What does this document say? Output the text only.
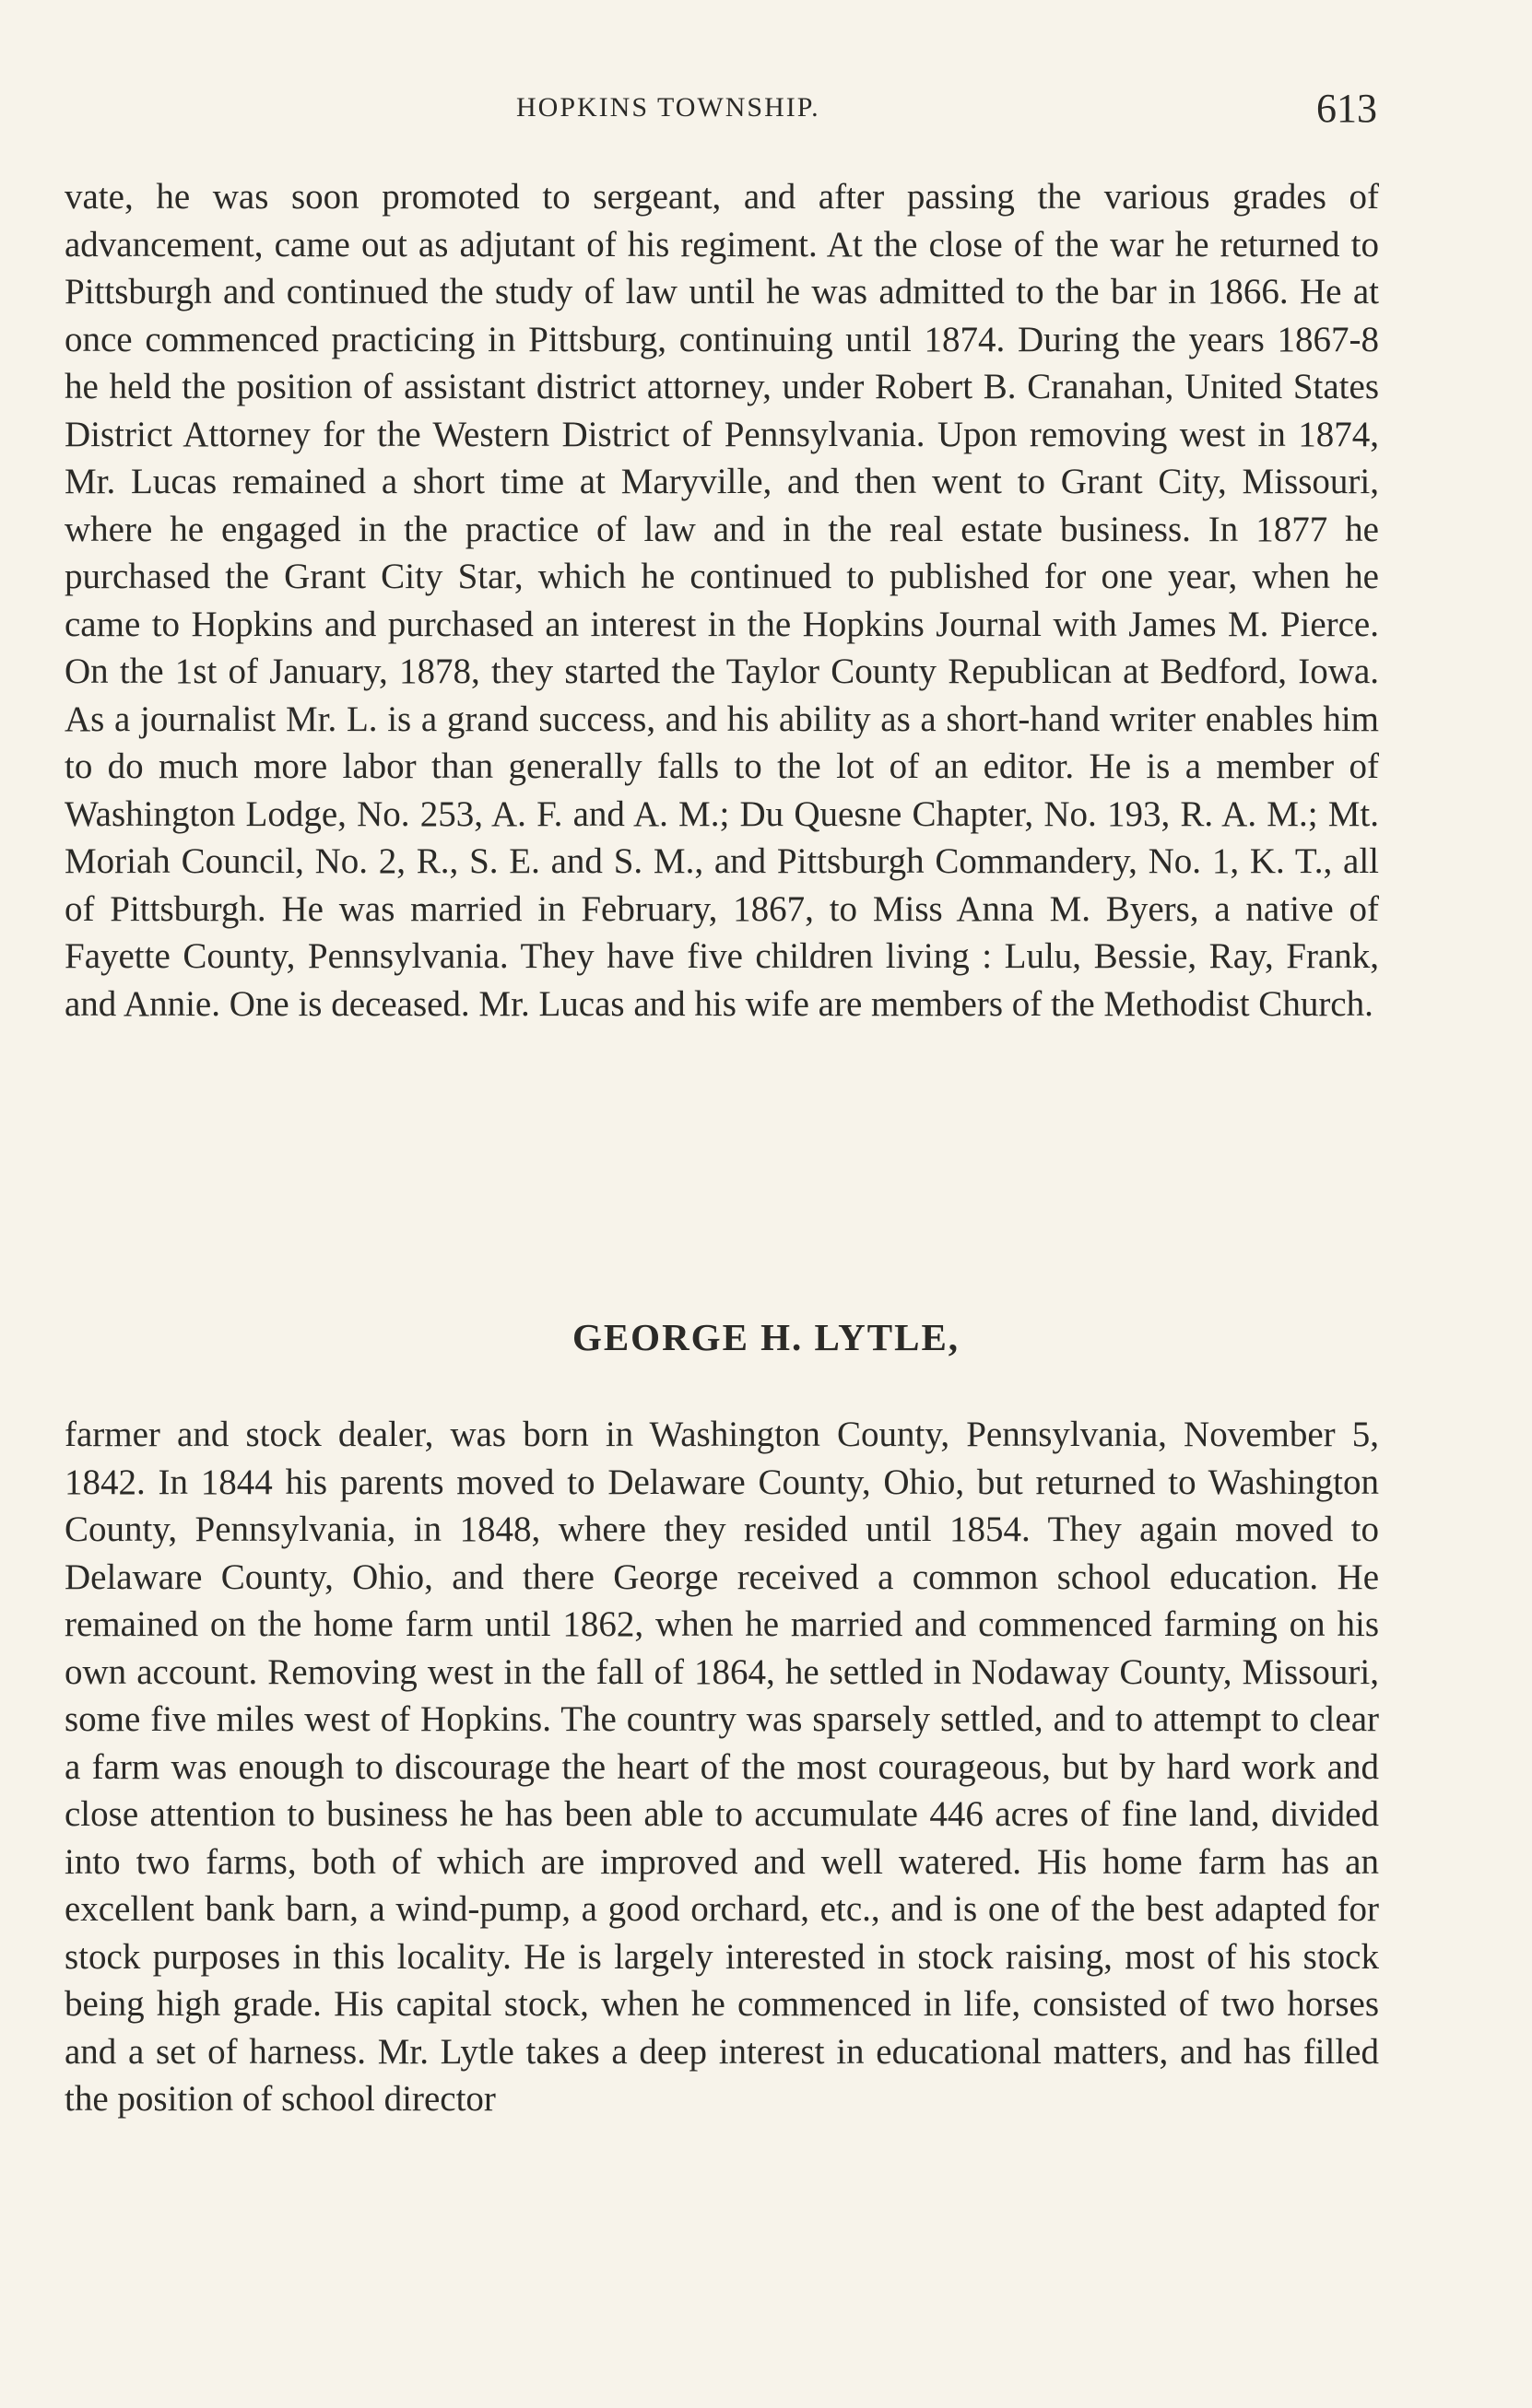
HOPKINS TOWNSHIP.	613

vate, he was soon promoted to sergeant, and after passing the various grades of advancement, came out as adjutant of his regiment. At the close of the war he returned to Pittsburgh and continued the study of law until he was admitted to the bar in 1866. He at once commenced practicing in Pittsburg, continuing until 1874. During the years 1867-8 he held the position of assistant district attorney, under Robert B. Cranahan, United States District Attorney for the Western District of Pennsylvania. Upon removing west in 1874, Mr. Lucas remained a short time at Maryville, and then went to Grant City, Missouri, where he engaged in the practice of law and in the real estate business. In 1877 he purchased the Grant City Star, which he continued to published for one year, when he came to Hopkins and purchased an interest in the Hopkins Journal with James M. Pierce. On the 1st of January, 1878, they started the Taylor County Republican at Bedford, Iowa. As a journalist Mr. L. is a grand success, and his ability as a short-hand writer enables him to do much more labor than generally falls to the lot of an editor. He is a member of Washington Lodge, No. 253, A. F. and A. M.; Du Quesne Chapter, No. 193, R. A. M.; Mt. Moriah Council, No. 2, R., S. E. and S. M., and Pittsburgh Commandery, No. 1, K. T., all of Pittsburgh. He was married in February, 1867, to Miss Anna M. Byers, a native of Fayette County, Pennsylvania. They have five children living : Lulu, Bessie, Ray, Frank, and Annie. One is deceased. Mr. Lucas and his wife are members of the Methodist Church.

GEORGE H. LYTLE,

farmer and stock dealer, was born in Washington County, Pennsylvania, November 5, 1842. In 1844 his parents moved to Delaware County, Ohio, but returned to Washington County, Pennsylvania, in 1848, where they resided until 1854. They again moved to Delaware County, Ohio, and there George received a common school education. He remained on the home farm until 1862, when he married and commenced farming on his own account. Removing west in the fall of 1864, he settled in Nodaway County, Missouri, some five miles west of Hopkins. The country was sparsely settled, and to attempt to clear a farm was enough to discourage the heart of the most courageous, but by hard work and close attention to business he has been able to accumulate 446 acres of fine land, divided into two farms, both of which are improved and well watered. His home farm has an excellent bank barn, a wind-pump, a good orchard, etc., and is one of the best adapted for stock purposes in this locality. He is largely interested in stock raising, most of his stock being high grade. His capital stock, when he commenced in life, consisted of two horses and a set of harness. Mr. Lytle takes a deep interest in educational matters, and has filled the position of school director
